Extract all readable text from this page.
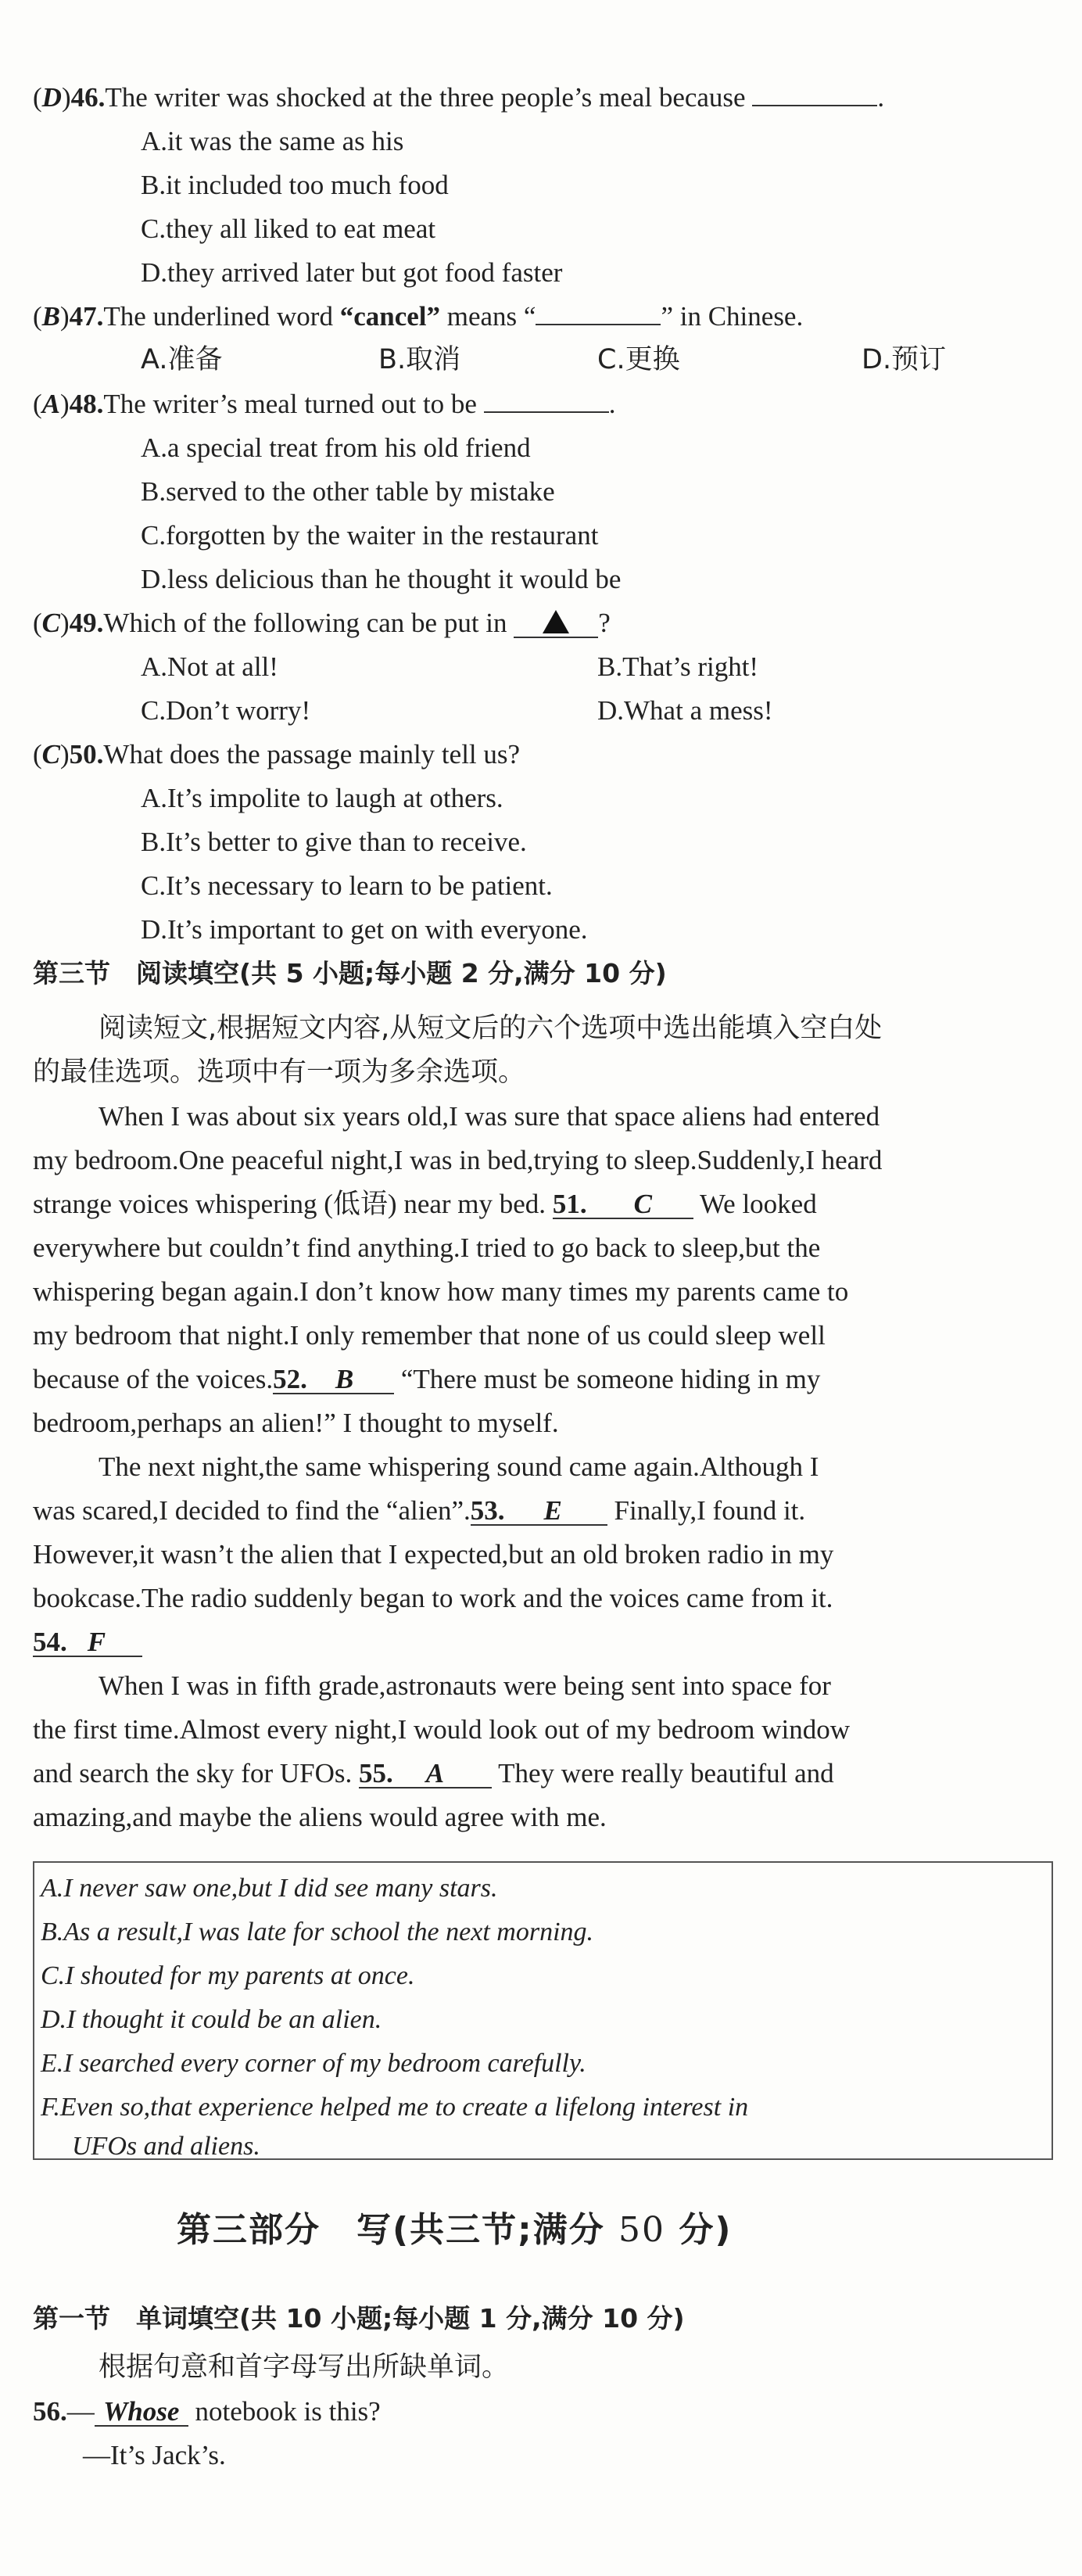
(D)46.The writer was shocked at the three people’s meal because	.
A.it was the same as his
B.it included too much food
C.they all liked to eat meat
D.they arrived later but got food faster
(B)47.The underlined word “cancel” means “	” in Chinese.
A.准备	B.取消	C.更换	D.预订
(A)48.The writer’s meal turned out to be	.
A.a special treat from his old friend
B.served to the other table by mistake
C.forgotten by the waiter in the restaurant
D.less delicious than he thought it would be
(C)49.Which of the following can be put in	?
A.Not at all!	B.That’s right!
C.Don’t worry!	D.What a mess!
(C)50.What does the passage mainly tell us?
A.It’s impolite to laugh at others.
B.It’s better to give than to receive.
C.It’s necessary to learn to be patient.
D.It’s important to get on with everyone.
第三节　阅读填空(共 5 小题;每小题 2 分,满分 10 分)
阅读短文,根据短文内容,从短文后的六个选项中选出能填入空白处
的最佳选项。选项中有一项为多余选项。
When I was about six years old,I was sure that space aliens had entered
my bedroom.One peaceful night,I was in bed,trying to sleep.Suddenly,I heard
strange voices whispering (低语) near my bed. 51. C We looked
everywhere but couldn’t find anything.I tried to go back to sleep,but the
whispering began again.I don’t know how many times my parents came to
my bedroom that night.I only remember that none of us could sleep well
because of the voices.52. B “There must be someone hiding in my
bedroom,perhaps an alien!” I thought to myself.
The next night,the same whispering sound came again.Although I
was scared,I decided to find the “alien”.53. E Finally,I found it.
However,it wasn’t the alien that I expected,but an old broken radio in my
bookcase.The radio suddenly began to work and the voices came from it.
54. F
When I was in fifth grade,astronauts were being sent into space for
the first time.Almost every night,I would look out of my bedroom window
and search the sky for UFOs. 55. A They were really beautiful and
amazing,and maybe the aliens would agree with me.
A.I never saw one,but I did see many stars.
B.As a result,I was late for school the next morning.
C.I shouted for my parents at once.
D.I thought it could be an alien.
E.I searched every corner of my bedroom carefully.
F.Even so,that experience helped me to create a lifelong interest in
UFOs and aliens.
第三部分　写(共三节;满分 50 分)
第一节　单词填空(共 10 小题;每小题 1 分,满分 10 分)
根据句意和首字母写出所缺单词。
56.— Whose notebook is this?
—It’s Jack’s.
